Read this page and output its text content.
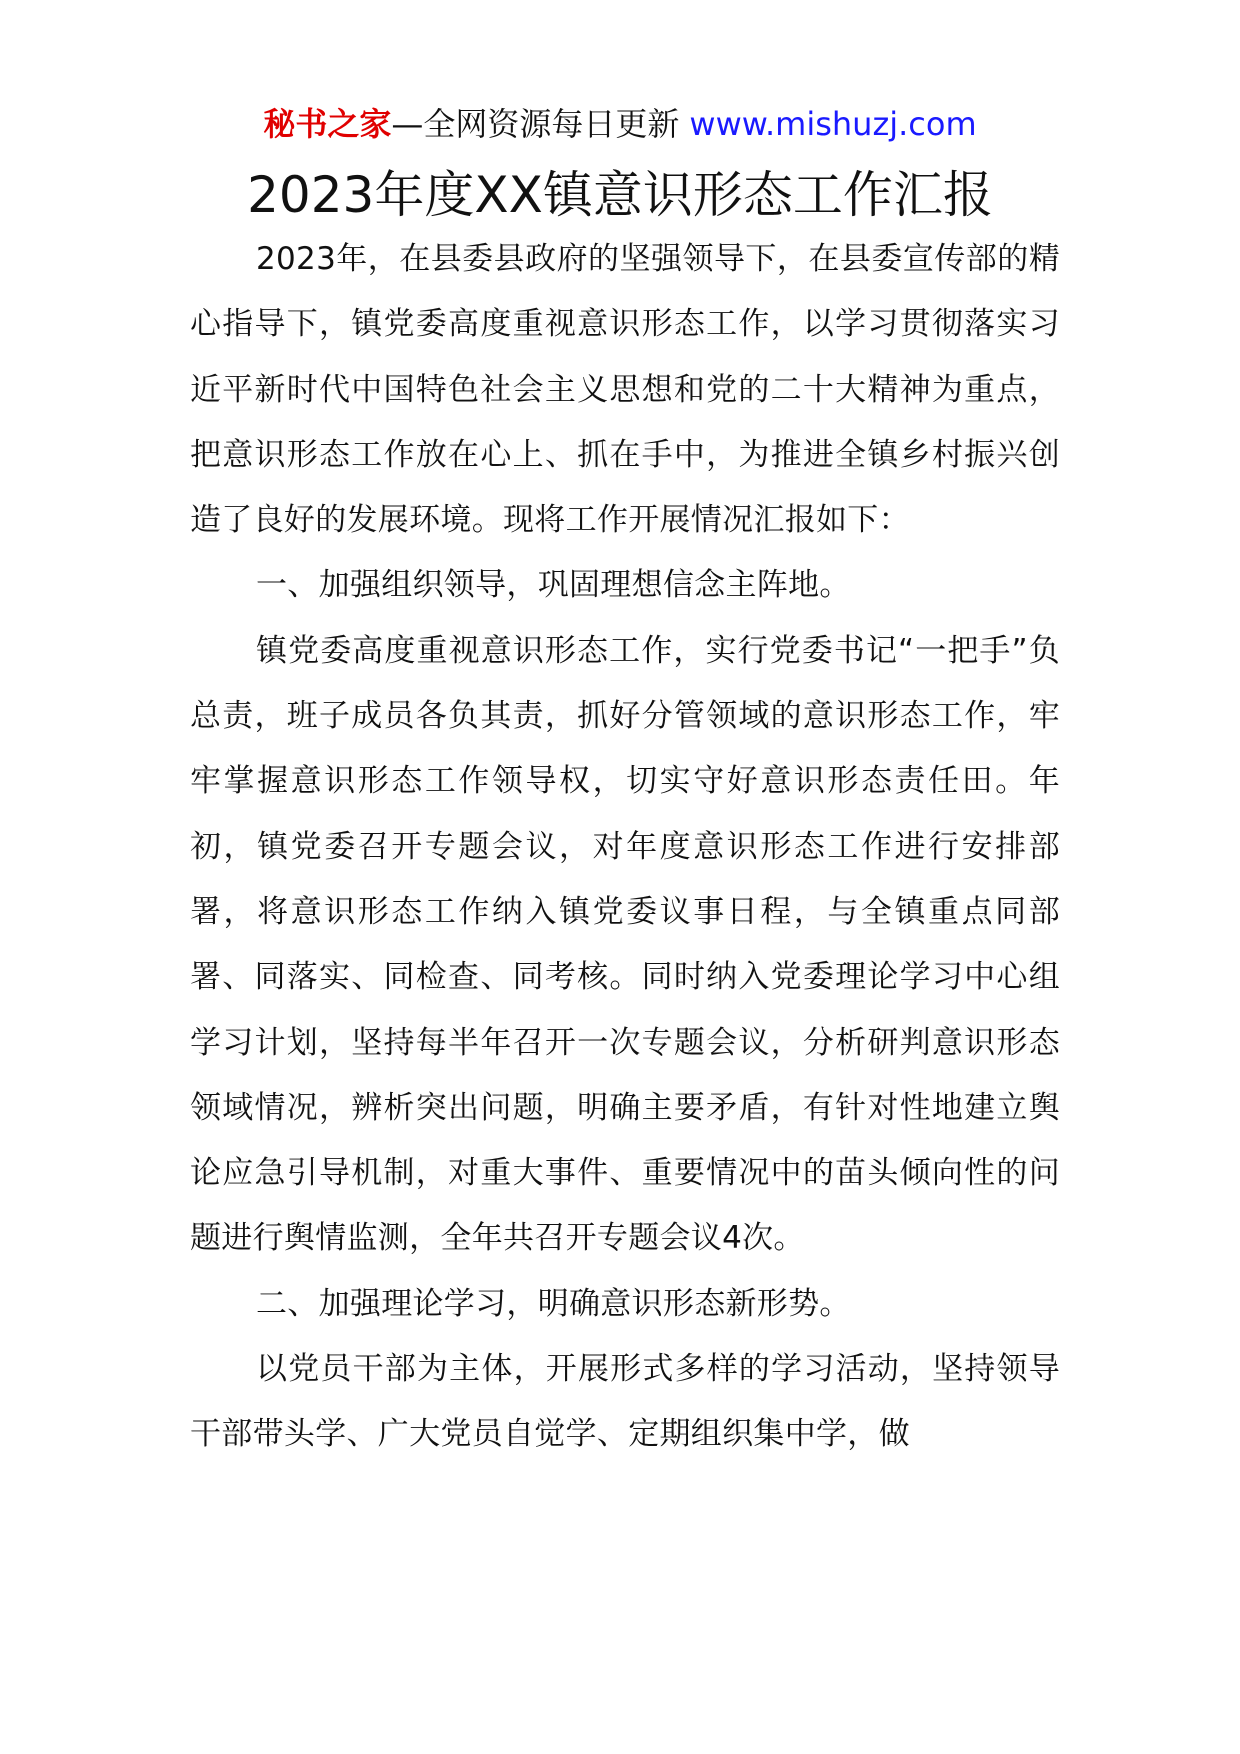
秘书之家—全网资源每日更新 www.mishuzj.com
2023年度XX镇意识形态工作汇报

2023年，在县委县政府的坚强领导下，在县委宣传部的精心指导下，镇党委高度重视意识形态工作，以学习贯彻落实习近平新时代中国特色社会主义思想和党的二十大精神为重点，把意识形态工作放在心上、抓在手中，为推进全镇乡村振兴创造了良好的发展环境。现将工作开展情况汇报如下：

一、加强组织领导，巩固理想信念主阵地。

镇党委高度重视意识形态工作，实行党委书记“一把手”负总责，班子成员各负其责，抓好分管领域的意识形态工作，牢牢掌握意识形态工作领导权，切实守好意识形态责任田。年初，镇党委召开专题会议，对年度意识形态工作进行安排部署，将意识形态工作纳入镇党委议事日程，与全镇重点同部署、同落实、同检查、同考核。同时纳入党委理论学习中心组学习计划，坚持每半年召开一次专题会议，分析研判意识形态领域情况，辨析突出问题，明确主要矛盾，有针对性地建立舆论应急引导机制，对重大事件、重要情况中的苗头倾向性的问题进行舆情监测，全年共召开专题会议4次。

二、加强理论学习，明确意识形态新形势。

以党员干部为主体，开展形式多样的学习活动，坚持领导干部带头学、广大党员自觉学、定期组织集中学，做
